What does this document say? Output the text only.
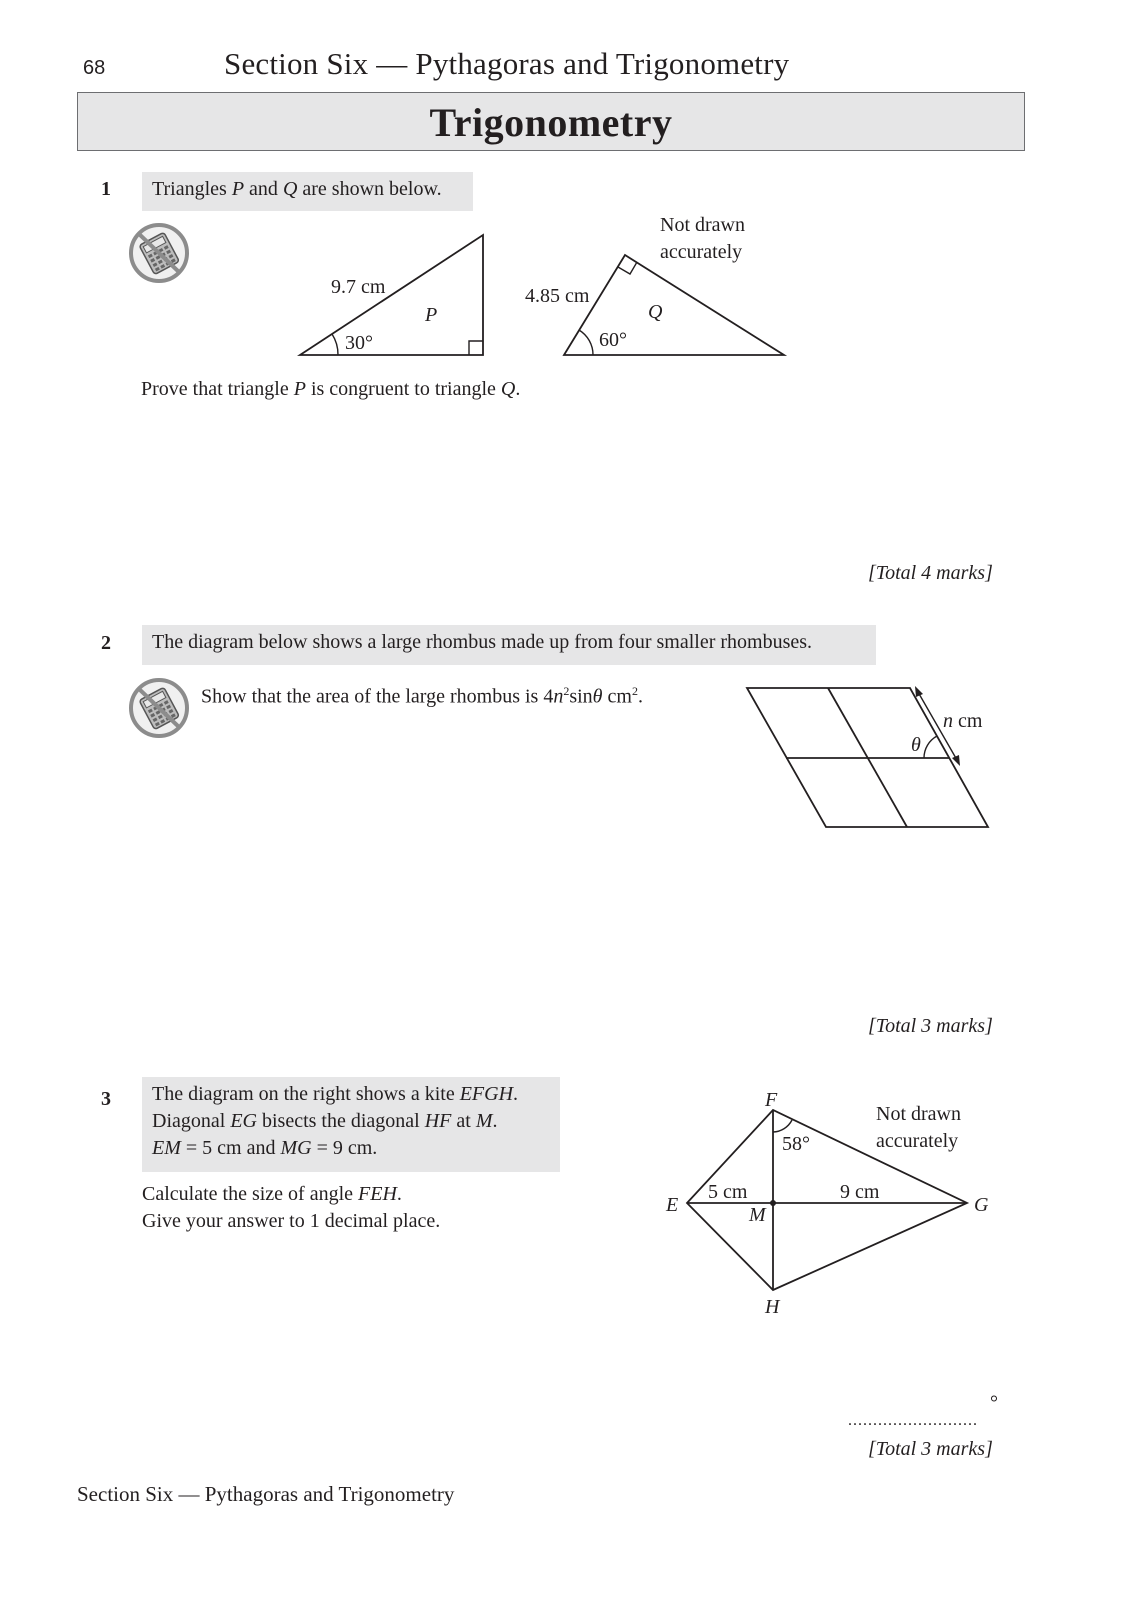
68	Section Six — Pythagoras and Trigonometry
Trigonometry
1	Triangles P and Q are shown below.
9.7 cm
30°
P
4.85 cm
60°
Q
Not drawn
accurately
Prove that triangle P is congruent to triangle Q.
[Total 4 marks]
2	The diagram below shows a large rhombus made up from four smaller rhombuses.
Show that the area of the large rhombus is $4n^2\sin\theta$ $cm^2$.
n cm
θ
[Total 3 marks]
3 The diagram on the right shows a kite EFGH.
Diagonal EG bisects the diagonal HF at M.
EM = 5 cm and MG = 9 cm.
Calculate the size of angle FEH.
Give your answer to 1 decimal place.
F
E	G
H
M
58°
5 cm	9 cm
Not drawn
accurately
°
..........................
[Total 3 marks]
Section Six — Pythagoras and Trigonometry
